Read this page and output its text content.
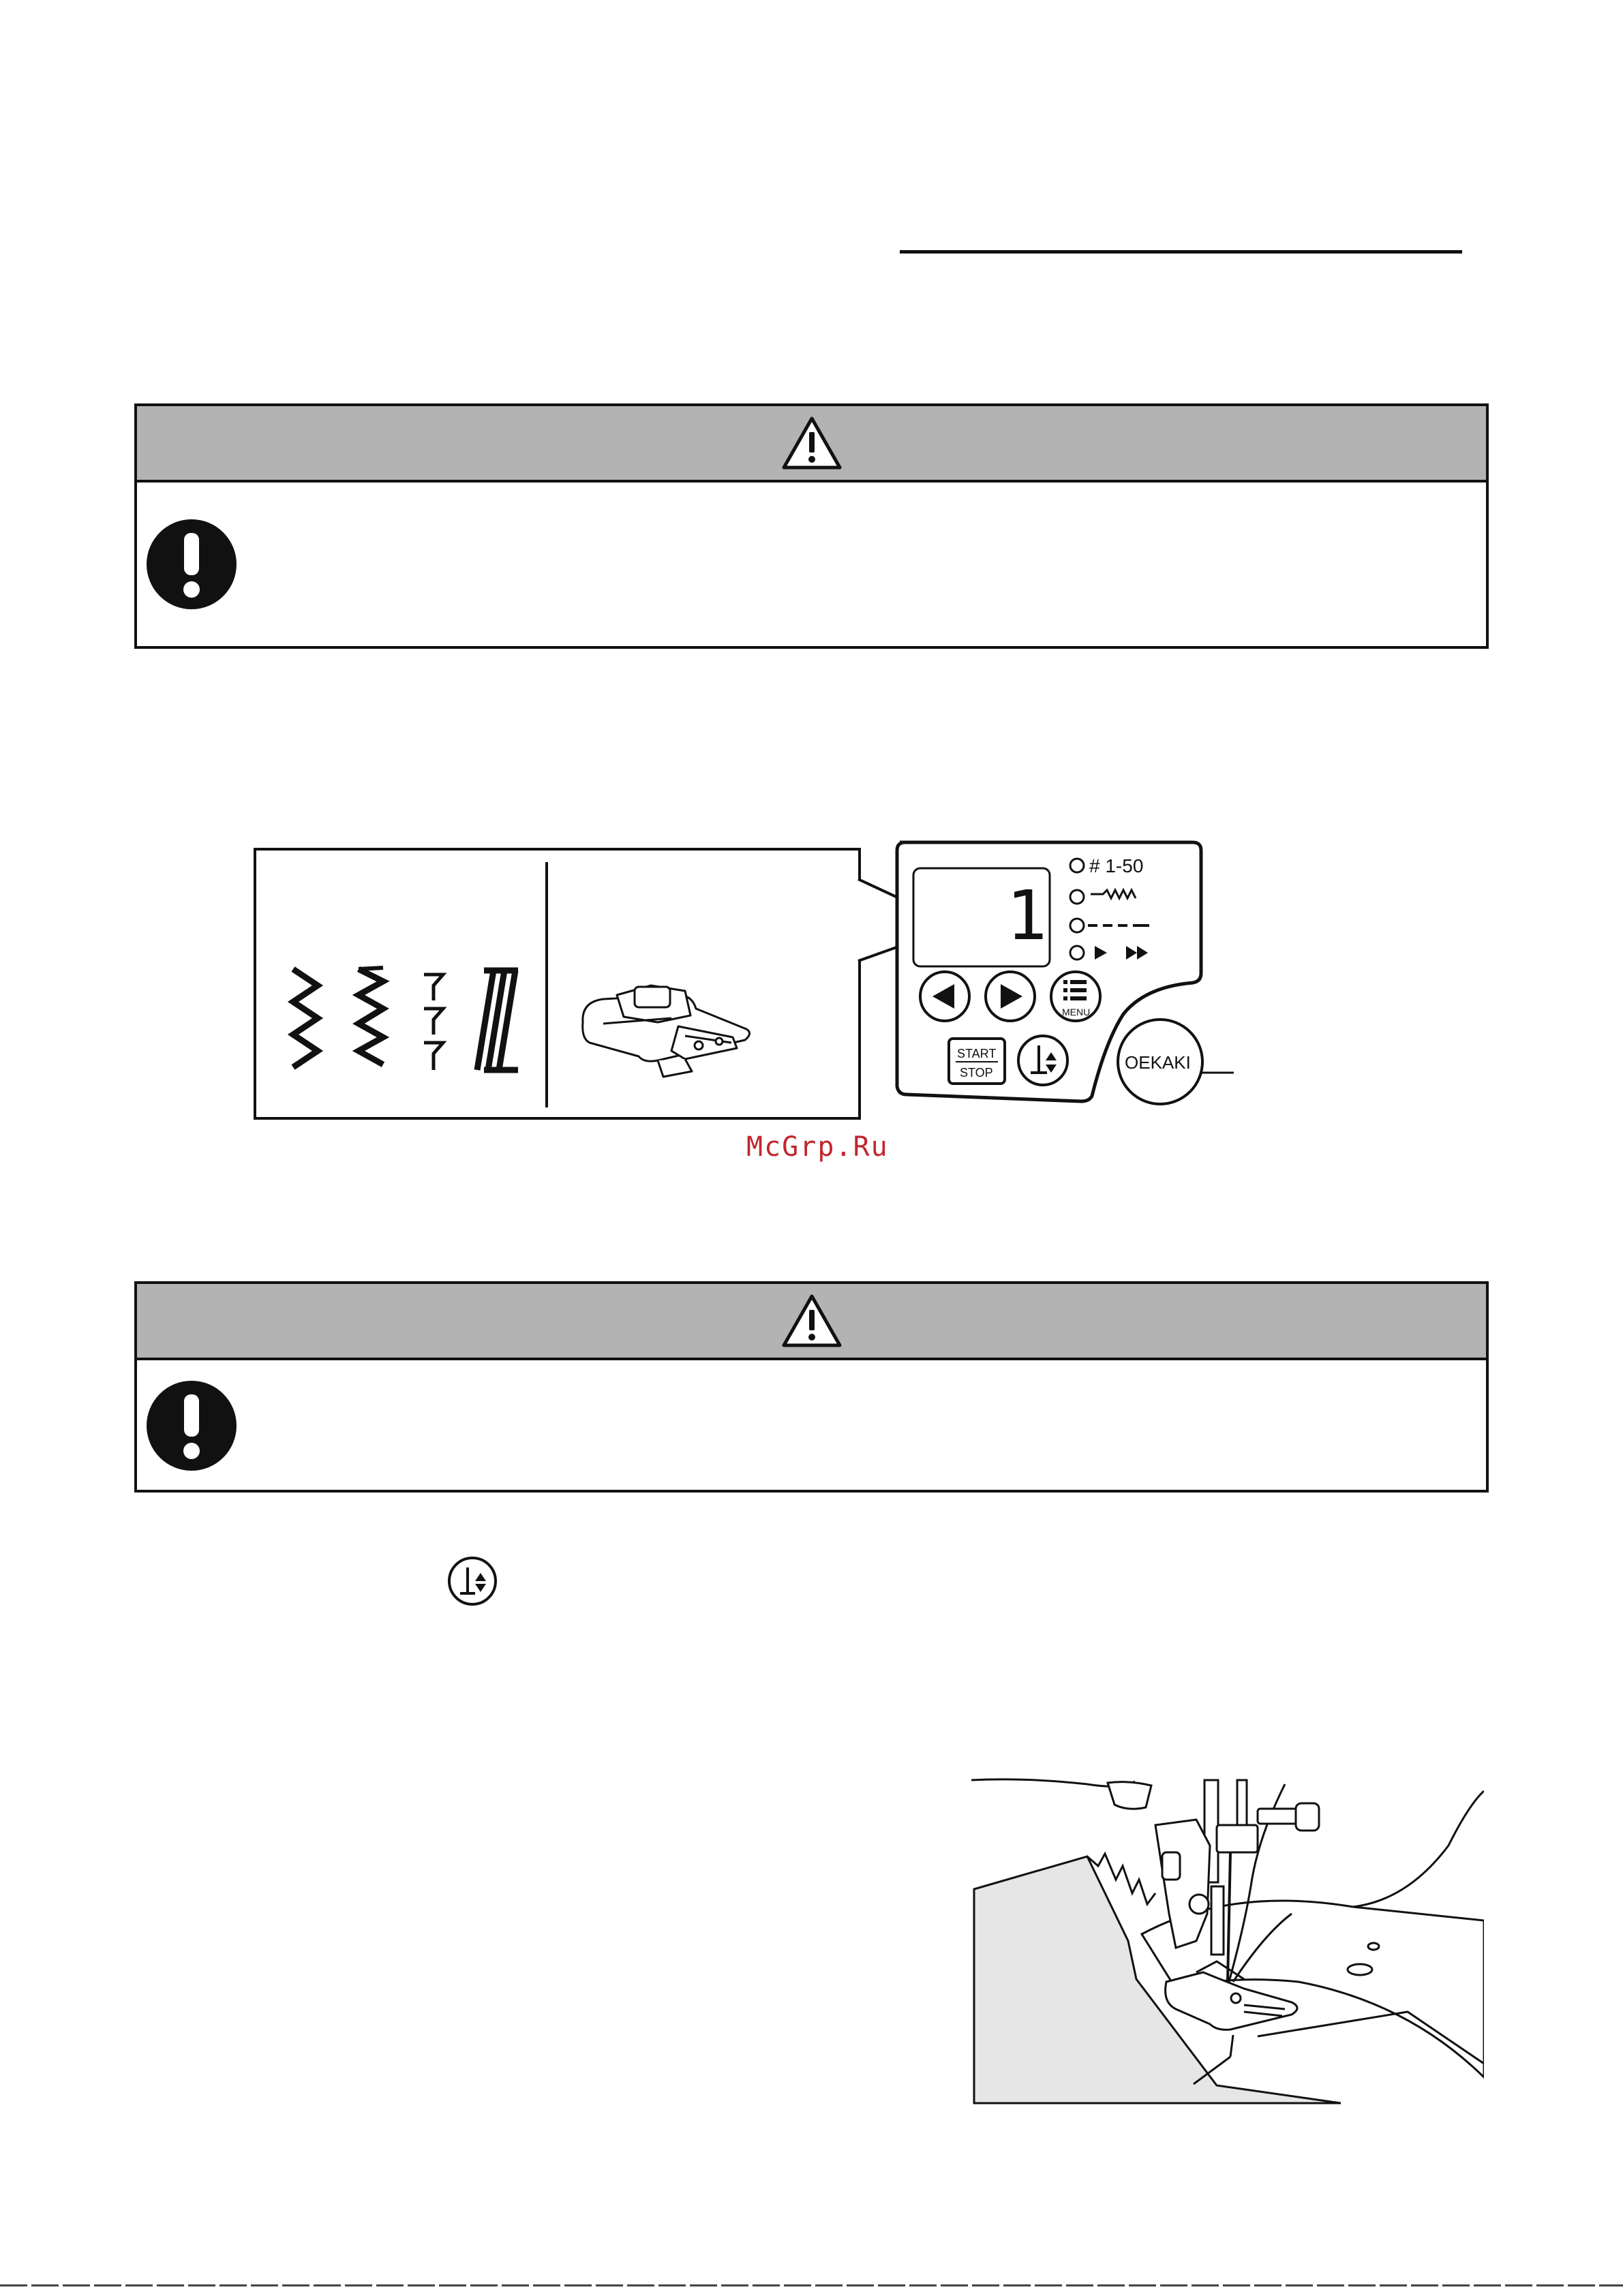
1
# 1-50
MENU
START
STOP	OEKAKI
McGrp.Ru
